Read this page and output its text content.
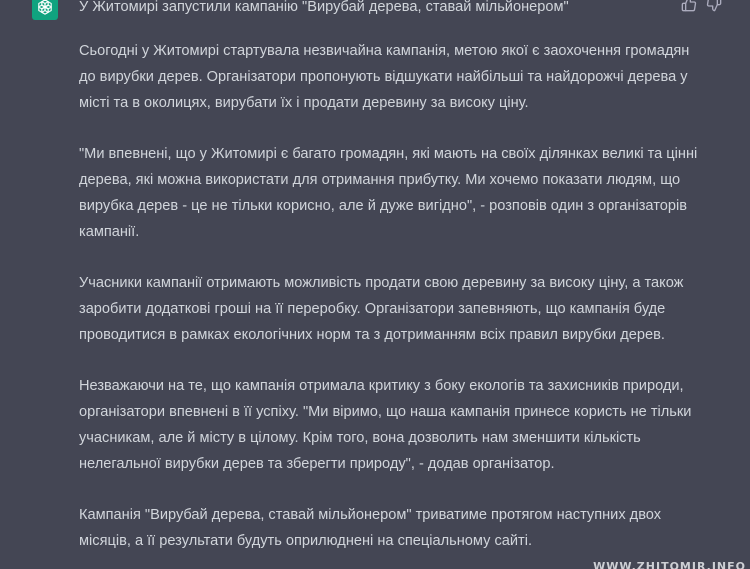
У Житомирі запустили кампанію "Вирубай дерева, ставай мільйонером"

Сьогодні у Житомирі стартувала незвичайна кампанія, метою якої є заохочення громадян до вирубки дерев. Організатори пропонують відшукати найбільші та найдорожчі дерева у місті та в околицях, вирубати їх і продати деревину за високу ціну.

"Ми впевнені, що у Житомирі є багато громадян, які мають на своїх ділянках великі та цінні дерева, які можна використати для отримання прибутку. Ми хочемо показати людям, що вирубка дерев - це не тільки корисно, але й дуже вигідно", - розповів один з організаторів кампанії.

Учасники кампанії отримають можливість продати свою деревину за високу ціну, а також заробити додаткові гроші на її переробку. Організатори запевняють, що кампанія буде проводитися в рамках екологічних норм та з дотриманням всіх правил вирубки дерев.

Незважаючи на те, що кампанія отримала критику з боку екологів та захисників природи, організатори впевнені в її успіху. "Ми віримо, що наша кампанія принесе користь не тільки учасникам, але й місту в цілому. Крім того, вона дозволить нам зменшити кількість нелегальної вирубки дерев та зберегти природу", - додав організатор.

Кампанія "Вирубай дерева, ставай мільйонером" триватиме протягом наступних двох місяців, а її результати будуть оприлюднені на спеціальному сайті.

WWW.ZHITOMIR.INFO
